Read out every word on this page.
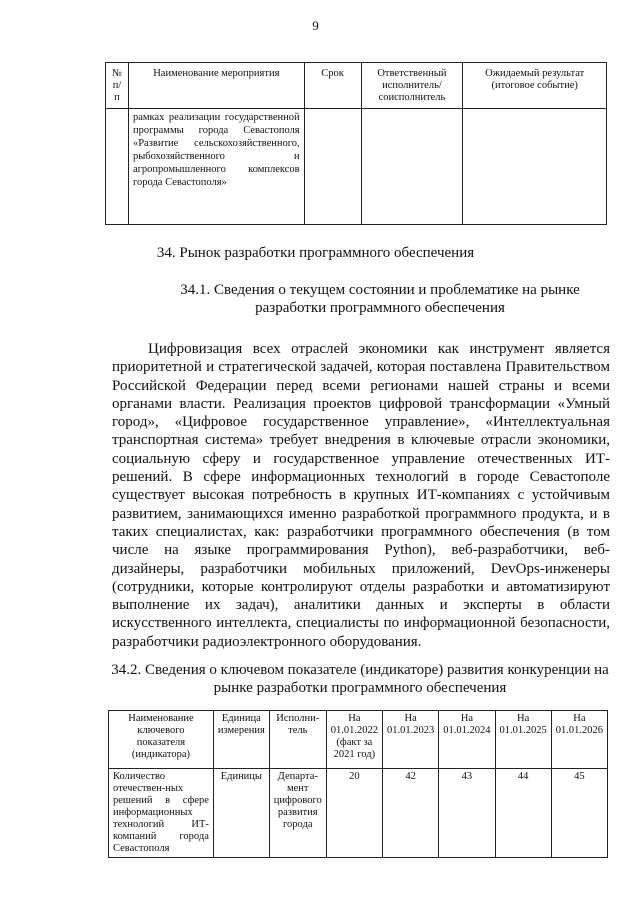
9
№ п/п	Наименование мероприятия	Срок	Ответственный исполнитель/ соисполнитель	Ожидаемый результат (итоговое событие)
	рамках реализации государственной программы города Севастополя «Развитие сельскохозяйственного, рыбохозяйственного и агропромышленного комплексов города Севастополя»			
34. Рынок разработки программного обеспечения
34.1. Сведения о текущем состоянии и проблематике на рынке разработки программного обеспечения
Цифровизация всех отраслей экономики как инструмент является приоритетной и стратегической задачей, которая поставлена Правительством Российской Федерации перед всеми регионами нашей страны и всеми органами власти. Реализация проектов цифровой трансформации «Умный город», «Цифровое государственное управление», «Интеллектуальная транспортная система» требует внедрения в ключевые отрасли экономики, социальную сферу и государственное управление отечественных ИТ-решений. В сфере информационных технологий в городе Севастополе существует высокая потребность в крупных ИТ-компаниях с устойчивым развитием, занимающихся именно разработкой программного продукта, и в таких специалистах, как: разработчики программного обеспечения (в том числе на языке программирования Python), веб-разработчики, веб-дизайнеры, разработчики мобильных приложений, DevOps-инженеры (сотрудники, которые контролируют отделы разработки и автоматизируют выполнение их задач), аналитики данных и эксперты в области искусственного интеллекта, специалисты по информационной безопасности, разработчики радиоэлектронного оборудования.
34.2. Сведения о ключевом показателе (индикаторе) развития конкуренции на рынке разработки программного обеспечения
Наименование ключевого показателя (индикатора)	Единица измерения	Исполни-тель	На 01.01.2022 (факт за 2021 год)	На 01.01.2023	На 01.01.2024	На 01.01.2025	На 01.01.2026
Количество отечествен-ных решений в сфере информационных технологий ИТ-компаний города Севастополя	Единицы	Департа-мент цифрового развития города	20	42	43	44	45
